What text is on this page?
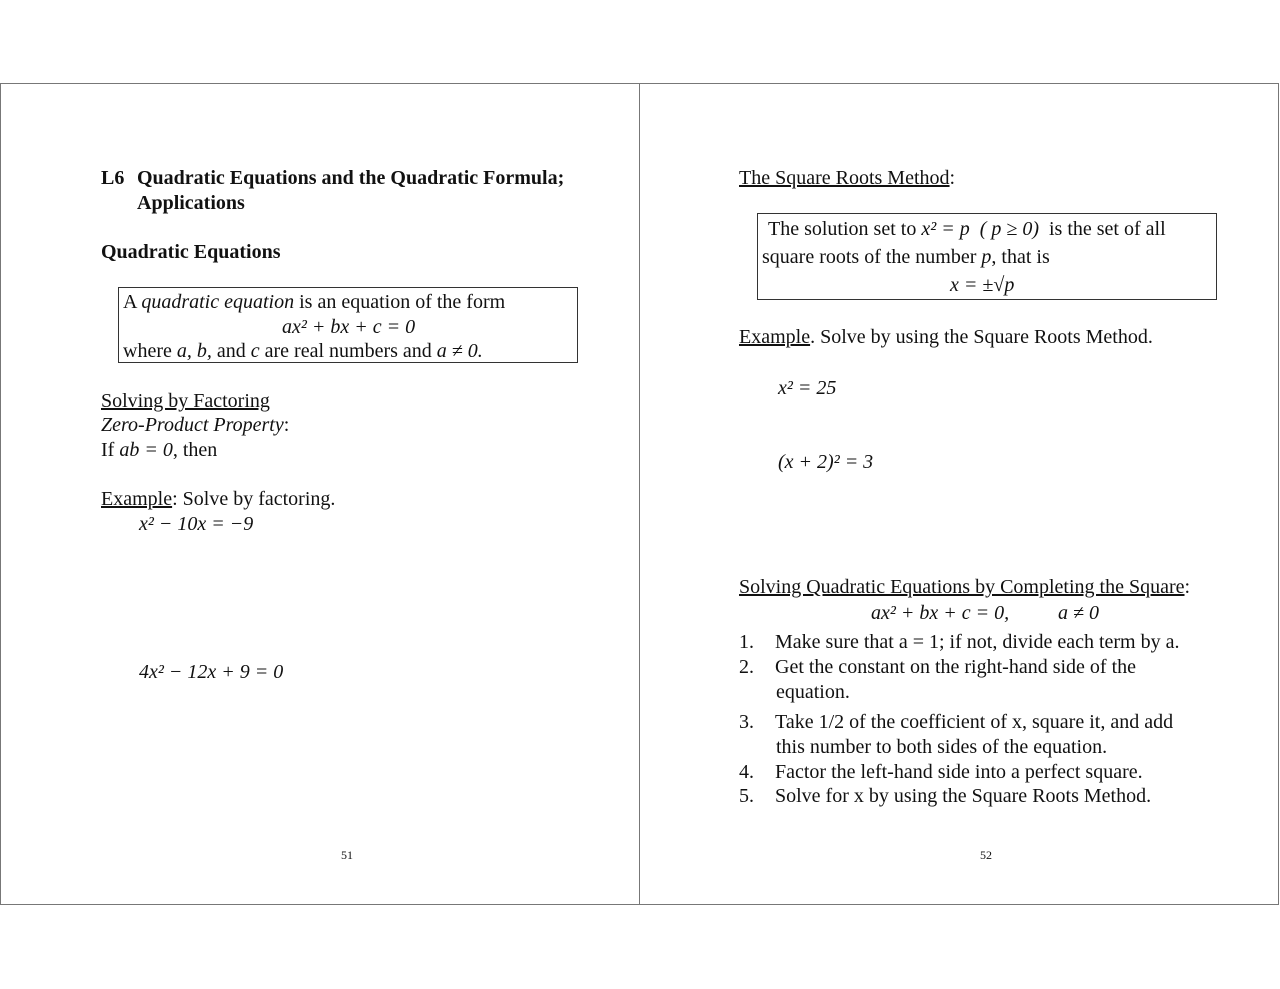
L6 Quadratic Equations and the Quadratic Formula;
Applications
Quadratic Equations
A quadratic equation is an equation of the form
ax² + bx + c = 0
where a, b, and c are real numbers and a ≠ 0.
Solving by Factoring
Zero-Product Property:
If ab = 0, then
Example: Solve by factoring.
x² − 10x = −9
4x² − 12x + 9 = 0
51
The Square Roots Method:
The solution set to x² = p ( p ≥ 0) is the set of all
square roots of the number p, that is
x = ±√p
Example. Solve by using the Square Roots Method.
x² = 25
(x + 2)² = 3
Solving Quadratic Equations by Completing the Square:
ax² + bx + c = 0, a ≠ 0
1. Make sure that a = 1; if not, divide each term by a.
2. Get the constant on the right-hand side of the
equation.
3. Take 1/2 of the coefficient of x, square it, and add
this number to both sides of the equation.
4. Factor the left-hand side into a perfect square.
5. Solve for x by using the Square Roots Method.
52
